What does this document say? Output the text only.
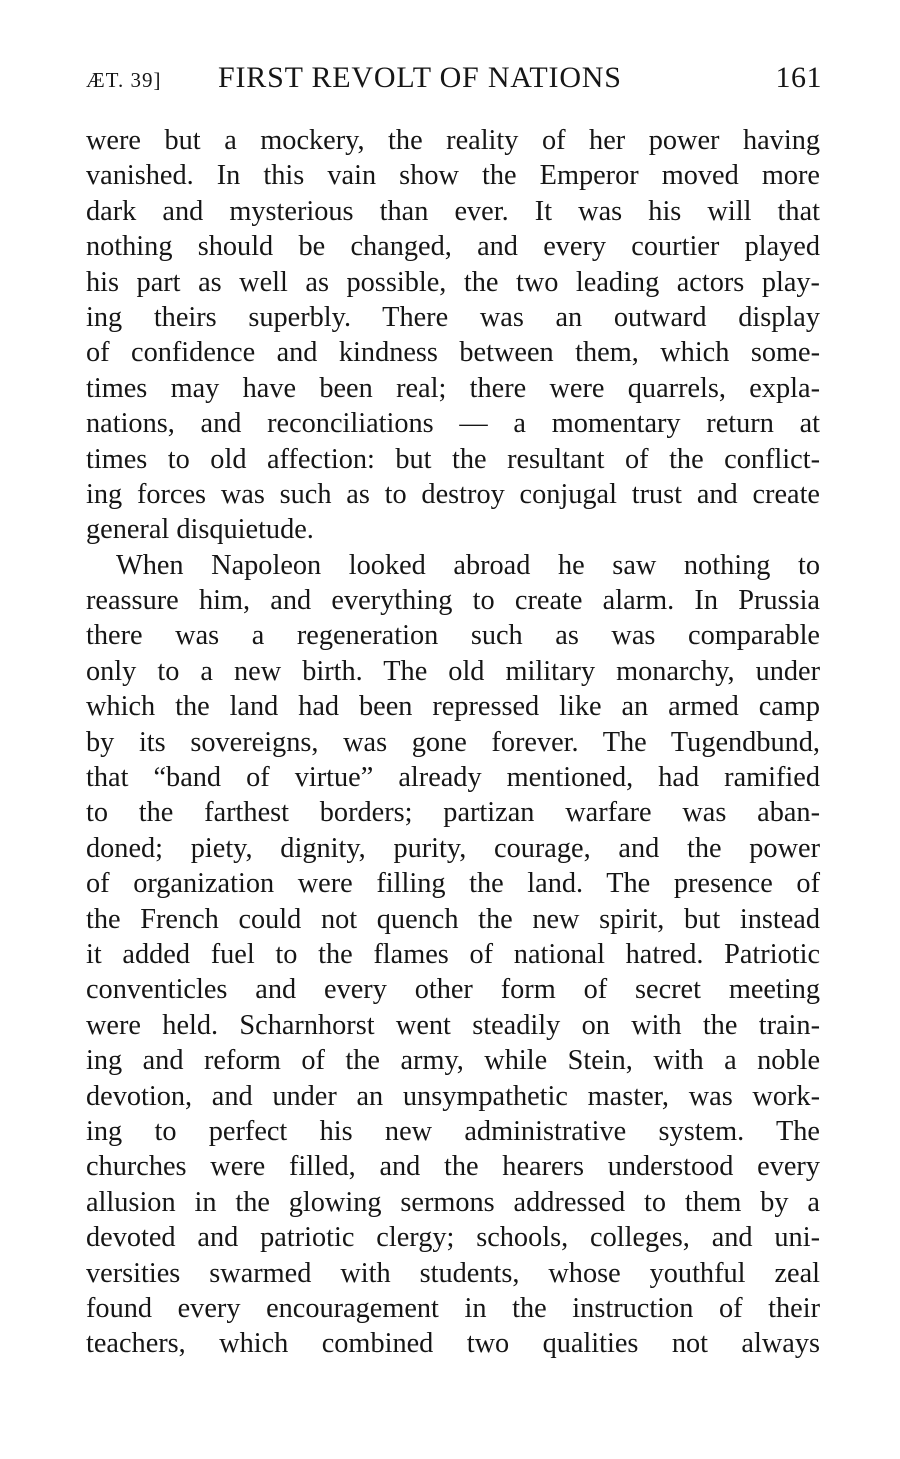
ÆT. 39] FIRST REVOLT OF NATIONS	161
were but a mockery, the reality of her power having
vanished. In this vain show the Emperor moved more
dark and mysterious than ever. It was his will that
nothing should be changed, and every courtier played
his part as well as possible, the two leading actors play-
ing theirs superbly. There was an outward display
of confidence and kindness between them, which some-
times may have been real; there were quarrels, expla-
nations, and reconciliations — a momentary return at
times to old affection: but the resultant of the conflict-
ing forces was such as to destroy conjugal trust and create
general disquietude.
When Napoleon looked abroad he saw nothing to
reassure him, and everything to create alarm. In Prussia
there was a regeneration such as was comparable
only to a new birth. The old military monarchy, under
which the land had been repressed like an armed camp
by its sovereigns, was gone forever. The Tugendbund,
that “band of virtue” already mentioned, had ramified
to the farthest borders; partizan warfare was aban-
doned; piety, dignity, purity, courage, and the power
of organization were filling the land. The presence of
the French could not quench the new spirit, but instead
it added fuel to the flames of national hatred. Patriotic
conventicles and every other form of secret meeting
were held. Scharnhorst went steadily on with the train-
ing and reform of the army, while Stein, with a noble
devotion, and under an unsympathetic master, was work-
ing to perfect his new administrative system. The
churches were filled, and the hearers understood every
allusion in the glowing sermons addressed to them by a
devoted and patriotic clergy; schools, colleges, and uni-
versities swarmed with students, whose youthful zeal
found every encouragement in the instruction of their
teachers, which combined two qualities not always
